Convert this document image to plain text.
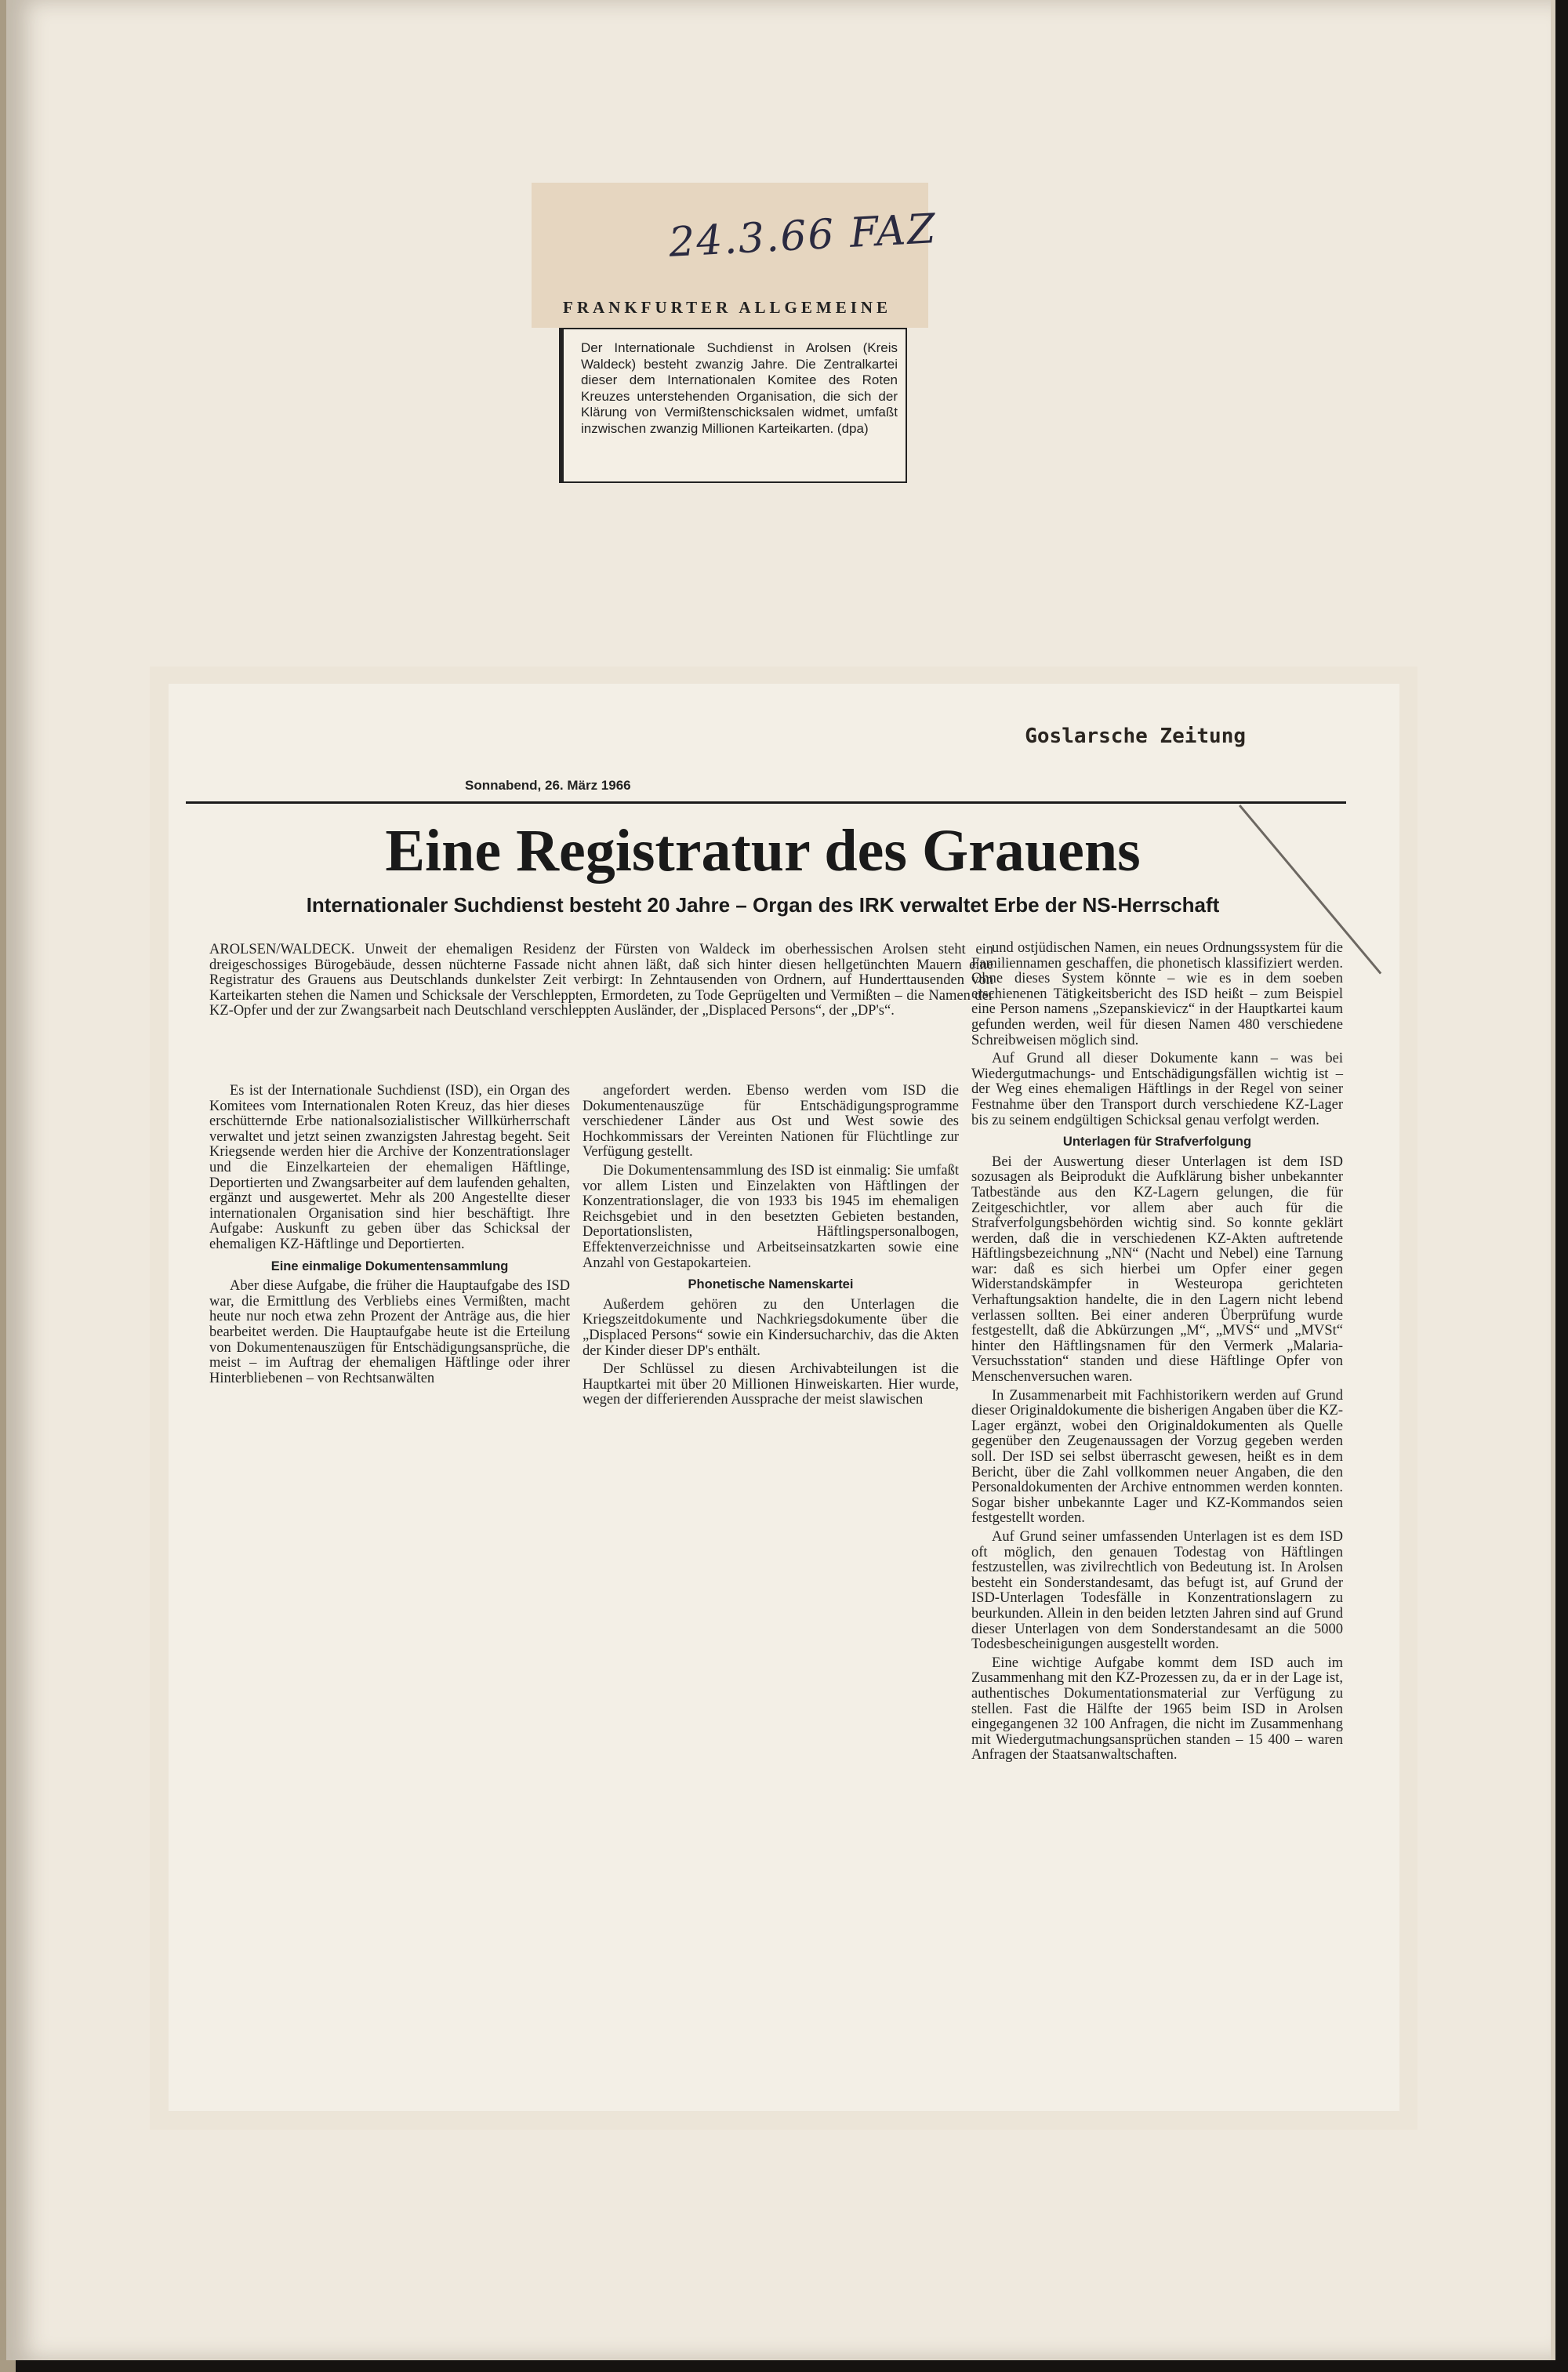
24.3.66 FAZ
FRANKFURTER ALLGEMEINE
Der Internationale Suchdienst in Arolsen (Kreis Waldeck) besteht zwanzig Jahre. Die Zentralkartei dieser dem Internationalen Komitee des Roten Kreuzes unterstehenden Organisation, die sich der Klärung von Vermißtenschicksalen widmet, umfaßt inzwischen zwanzig Millionen Karteikarten. (dpa)
Goslarsche Zeitung
Sonnabend, 26. März 1966
Eine Registratur des Grauens
Internationaler Suchdienst besteht 20 Jahre – Organ des IRK verwaltet Erbe der NS-Herrschaft

AROLSEN/WALDECK. Unweit der ehemaligen Residenz der Fürsten von Waldeck im oberhessischen Arolsen steht ein dreigeschossiges Bürogebäude, dessen nüchterne Fassade nicht ahnen läßt, daß sich hinter diesen hellgetünchten Mauern eine Registratur des Grauens aus Deutschlands dunkelster Zeit verbirgt: In Zehntausenden von Ordnern, auf Hunderttausenden von Karteikarten stehen die Namen und Schicksale der Verschleppten, Ermordeten, zu Tode Geprügelten und Vermißten – die Namen der KZ-Opfer und der zur Zwangsarbeit nach Deutschland verschleppten Ausländer, der „Displaced Persons“, der „DP's“.

Es ist der Internationale Suchdienst (ISD), ein Organ des Komitees vom Internationalen Roten Kreuz, das hier dieses erschütternde Erbe nationalsozialistischer Willkürherrschaft verwaltet und jetzt seinen zwanzigsten Jahrestag begeht. Seit Kriegsende werden hier die Archive der Konzentrationslager und die Einzelkarteien der ehemaligen Häftlinge, Deportierten und Zwangsarbeiter auf dem laufenden gehalten, ergänzt und ausgewertet. Mehr als 200 Angestellte dieser internationalen Organisation sind hier beschäftigt. Ihre Aufgabe: Auskunft zu geben über das Schicksal der ehemaligen KZ-Häftlinge und Deportierten.

Eine einmalige Dokumentensammlung

Aber diese Aufgabe, die früher die Hauptaufgabe des ISD war, die Ermittlung des Verbliebs eines Vermißten, macht heute nur noch etwa zehn Prozent der Anträge aus, die hier bearbeitet werden. Die Hauptaufgabe heute ist die Erteilung von Dokumentenauszügen für Entschädigungsansprüche, die meist – im Auftrag der ehemaligen Häftlinge oder ihrer Hinterbliebenen – von Rechtsanwälten

angefordert werden. Ebenso werden vom ISD die Dokumentenauszüge für Entschädigungsprogramme verschiedener Länder aus Ost und West sowie des Hochkommissars der Vereinten Nationen für Flüchtlinge zur Verfügung gestellt.

Die Dokumentensammlung des ISD ist einmalig: Sie umfaßt vor allem Listen und Einzelakten von Häftlingen der Konzentrationslager, die von 1933 bis 1945 im ehemaligen Reichsgebiet und in den besetzten Gebieten bestanden, Deportationslisten, Häftlingspersonalbogen, Effektenverzeichnisse und Arbeitseinsatzkarten sowie eine Anzahl von Gestapokarteien.

Phonetische Namenskartei

Außerdem gehören zu den Unterlagen die Kriegszeitdokumente und Nachkriegsdokumente über die „Displaced Persons“ sowie ein Kindersucharchiv, das die Akten der Kinder dieser DP's enthält.

Der Schlüssel zu diesen Archivabteilungen ist die Hauptkartei mit über 20 Millionen Hinweiskarten. Hier wurde, wegen der differierenden Aussprache der meist slawischen

und ostjüdischen Namen, ein neues Ordnungssystem für die Familiennamen geschaffen, die phonetisch klassifiziert werden. Ohne dieses System könnte – wie es in dem soeben erschienenen Tätigkeitsbericht des ISD heißt – zum Beispiel eine Person namens „Szepanskievicz“ in der Hauptkartei kaum gefunden werden, weil für diesen Namen 480 verschiedene Schreibweisen möglich sind.

Auf Grund all dieser Dokumente kann – was bei Wiedergutmachungs- und Entschädigungsfällen wichtig ist – der Weg eines ehemaligen Häftlings in der Regel von seiner Festnahme über den Transport durch verschiedene KZ-Lager bis zu seinem endgültigen Schicksal genau verfolgt werden.

Unterlagen für Strafverfolgung

Bei der Auswertung dieser Unterlagen ist dem ISD sozusagen als Beiprodukt die Aufklärung bisher unbekannter Tatbestände aus den KZ-Lagern gelungen, die für Zeitgeschichtler, vor allem aber auch für die Strafverfolgungsbehörden wichtig sind. So konnte geklärt werden, daß die in verschiedenen KZ-Akten auftretende Häftlingsbezeichnung „NN“ (Nacht und Nebel) eine Tarnung war: daß es sich hierbei um Opfer einer gegen Widerstandskämpfer in Westeuropa gerichteten Verhaftungsaktion handelte, die in den Lagern nicht lebend verlassen sollten. Bei einer anderen Überprüfung wurde festgestellt, daß die Abkürzungen „M“, „MVS“ und „MVSt“ hinter den Häftlingsnamen für den Vermerk „Malaria-Versuchsstation“ standen und diese Häftlinge Opfer von Menschenversuchen waren.

In Zusammenarbeit mit Fachhistorikern werden auf Grund dieser Originaldokumente die bisherigen Angaben über die KZ-Lager ergänzt, wobei den Originaldokumenten als Quelle gegenüber den Zeugenaussagen der Vorzug gegeben werden soll. Der ISD sei selbst überrascht gewesen, heißt es in dem Bericht, über die Zahl vollkommen neuer Angaben, die den Personaldokumenten der Archive entnommen werden konnten. Sogar bisher unbekannte Lager und KZ-Kommandos seien festgestellt worden.

Auf Grund seiner umfassenden Unterlagen ist es dem ISD oft möglich, den genauen Todestag von Häftlingen festzustellen, was zivilrechtlich von Bedeutung ist. In Arolsen besteht ein Sonderstandesamt, das befugt ist, auf Grund der ISD-Unterlagen Todesfälle in Konzentrationslagern zu beurkunden. Allein in den beiden letzten Jahren sind auf Grund dieser Unterlagen von dem Sonderstandesamt an die 5000 Todesbescheinigungen ausgestellt worden.

Eine wichtige Aufgabe kommt dem ISD auch im Zusammenhang mit den KZ-Prozessen zu, da er in der Lage ist, authentisches Dokumentationsmaterial zur Verfügung zu stellen. Fast die Hälfte der 1965 beim ISD in Arolsen eingegangenen 32 100 Anfragen, die nicht im Zusammenhang mit Wiedergutmachungsansprüchen standen – 15 400 – waren Anfragen der Staatsanwaltschaften.
